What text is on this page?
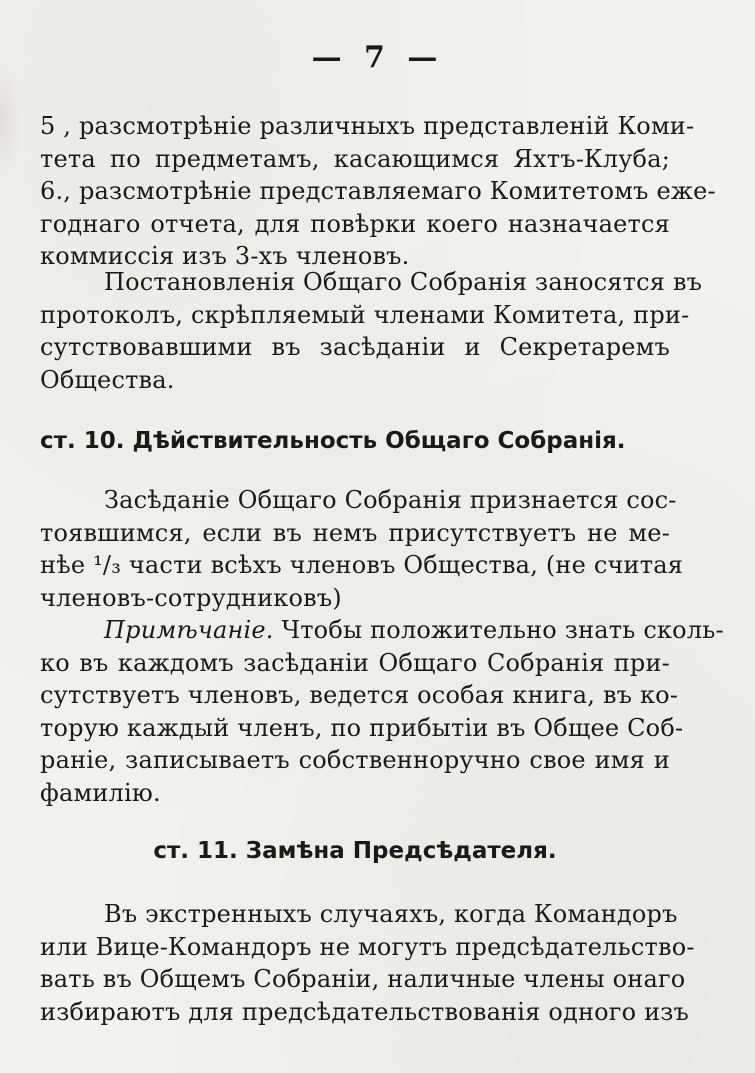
— 7 —
5 , разсмотрѣніе различныхъ представленій Коми-
тета по предметамъ, касающимся Яхтъ-Клуба;
6., разсмотрѣніе представляемаго Комитетомъ еже-
годнаго отчета, для повѣрки коего назначается
коммиссія изъ 3-хъ членовъ.
Постановленія Общаго Собранія заносятся въ
протоколъ, скрѣпляемый членами Комитета, при-
сутствовавшими въ засѣданіи и Секретаремъ
Общества.
ст. 10. Дѣйствительность Общаго Собранія.
Засѣданіе Общаго Собранія признается сос-
тоявшимся, если въ немъ присутствуетъ не ме-
нѣе ¹/₃ части всѣхъ членовъ Общества, (не считая
членовъ-сотрудниковъ)
Примѣчаніе. Чтобы положительно знать сколь-
ко въ каждомъ засѣданіи Общаго Собранія при-
сутствуетъ членовъ, ведется особая книга, въ ко-
торую каждый членъ, по прибытіи въ Общее Соб-
раніе, записываетъ собственноручно свое имя и
фамилію.
ст. 11. Замѣна Предсѣдателя.
Въ экстренныхъ случаяхъ, когда Командоръ
или Вице-Командоръ не могутъ предсѣдательство-
вать въ Общемъ Собраніи, наличные члены онаго
избираютъ для предсѣдательствованія одного изъ
